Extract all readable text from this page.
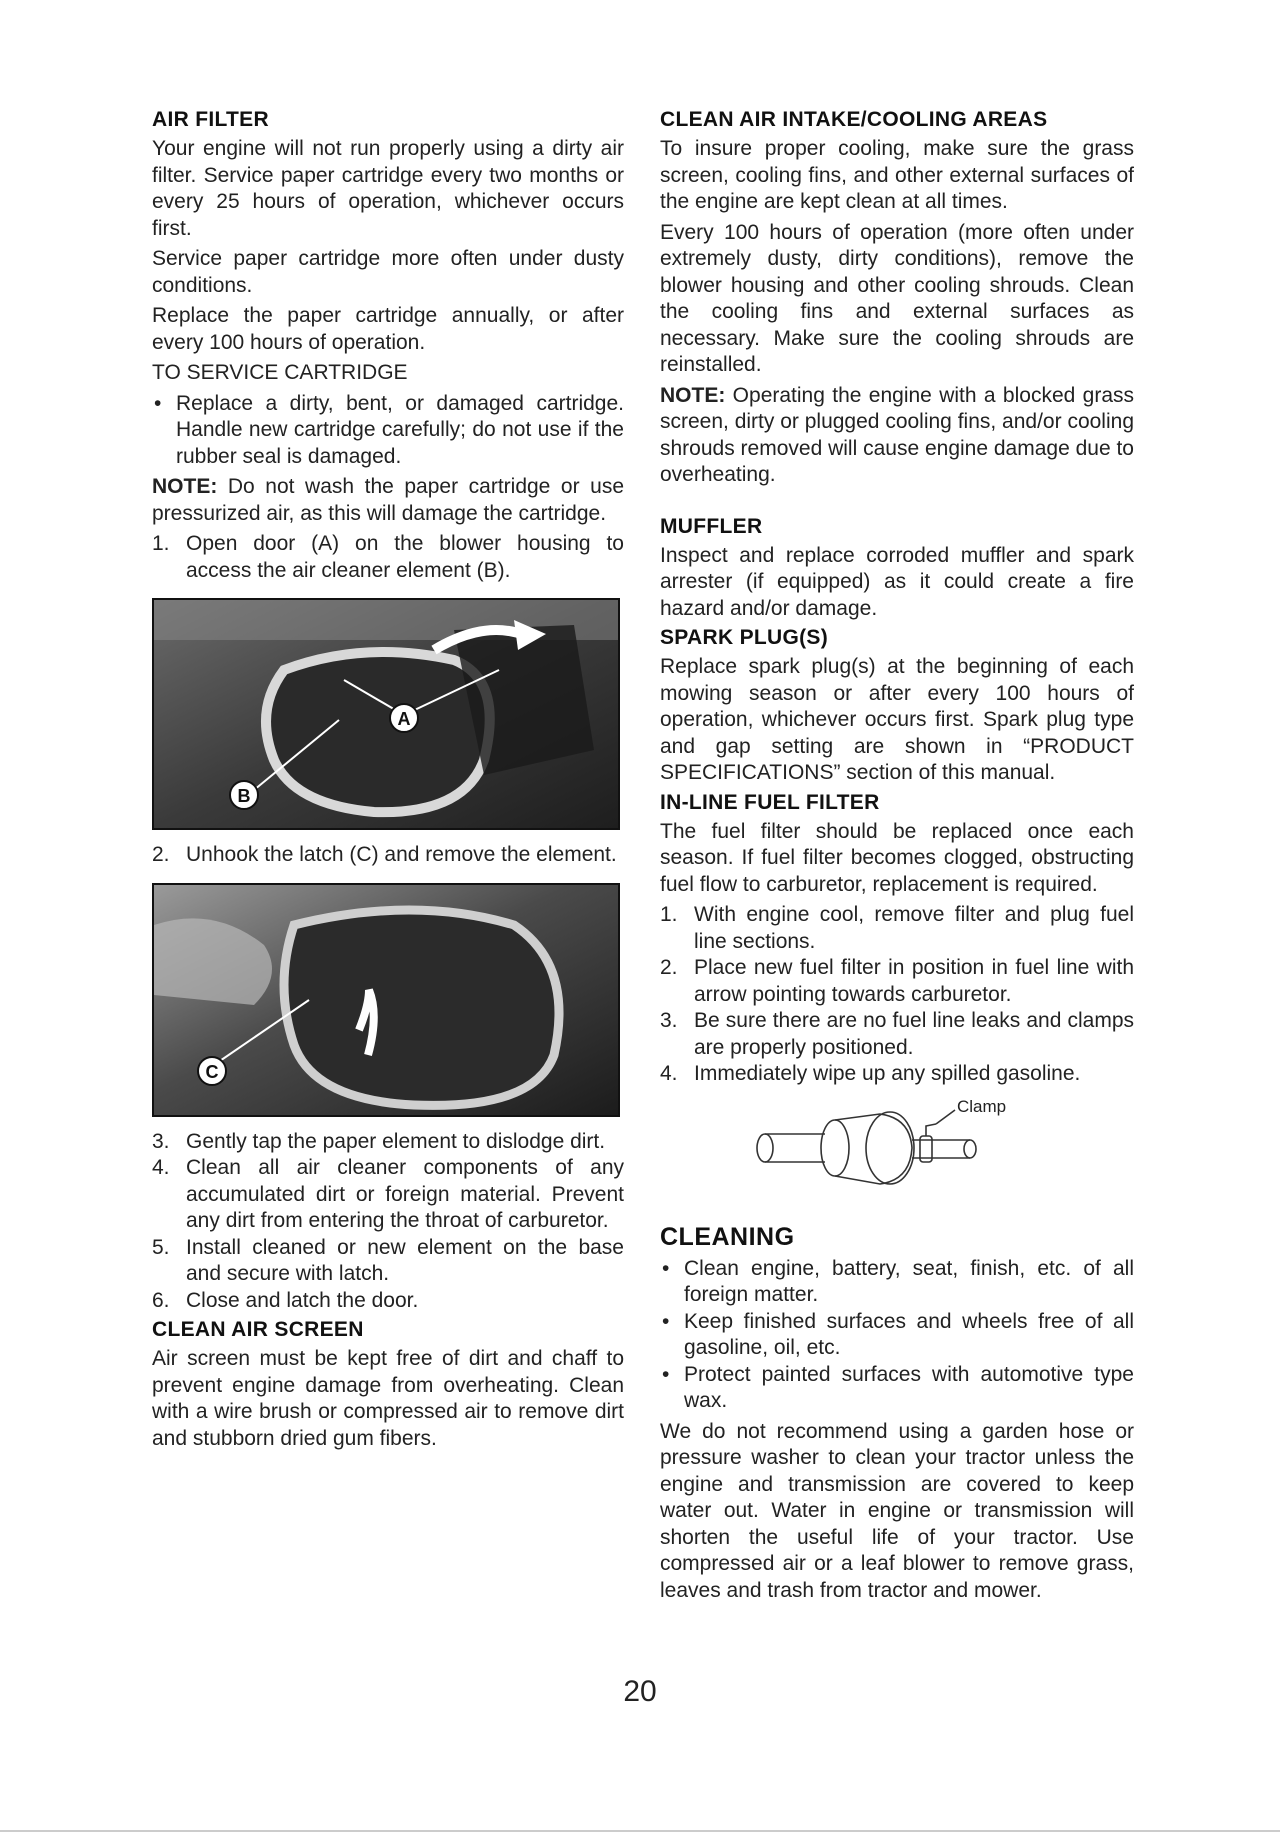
AIR FILTER

Your engine will not run properly using a dirty air filter. Service paper cartridge every two months or every 25 hours of operation, whichever occurs first.

Service paper cartridge more often under dusty conditions.

Replace the paper cartridge annually, or after every 100 hours of operation.

TO SERVICE CARTRIDGE
• Replace a dirty, bent, or damaged cartridge. Handle new cartridge carefully; do not use if the rubber seal is damaged.

NOTE: Do not wash the paper cartridge or use pressurized air, as this will damage the cartridge.

1. Open door (A) on the blower housing to access the air cleaner element (B).
A
B
2. Unhook the latch (C) and remove the element.
C
3. Gently tap the paper element to dislodge dirt.
4. Clean all air cleaner components of any accumulated dirt or foreign material. Prevent any dirt from entering the throat of carburetor.
5. Install cleaned or new element on the base and secure with latch.
6. Close and latch the door.
CLEAN AIR SCREEN

Air screen must be kept free of dirt and chaff to prevent engine damage from overheating. Clean with a wire brush or compressed air to remove dirt and stubborn dried gum fibers.

CLEAN AIR INTAKE/COOLING AREAS

To insure proper cooling, make sure the grass screen, cooling fins, and other external surfaces of the engine are kept clean at all times.

Every 100 hours of operation (more often under extremely dusty, dirty conditions), remove the blower housing and other cooling shrouds. Clean the cooling fins and external surfaces as necessary. Make sure the cooling shrouds are reinstalled.

NOTE: Operating the engine with a blocked grass screen, dirty or plugged cooling fins, and/or cooling shrouds removed will cause engine damage due to overheating.

MUFFLER

Inspect and replace corroded muffler and spark arrester (if equipped) as it could create a fire hazard and/or damage.

SPARK PLUG(S)

Replace spark plug(s) at the beginning of each mowing season or after every 100 hours of operation, whichever occurs first. Spark plug type and gap setting are shown in “PRODUCT SPECIFICATIONS” section of this manual.

IN-LINE FUEL FILTER

The fuel filter should be replaced once each season. If fuel filter becomes clogged, obstructing fuel flow to carburetor, replacement is required.

1. With engine cool, remove filter and plug fuel line sections.
2. Place new fuel filter in position in fuel line with arrow pointing towards carburetor.
3. Be sure there are no fuel line leaks and clamps are properly positioned.
4. Immediately wipe up any spilled gasoline.
Clamp
CLEANING
• Clean engine, battery, seat, finish, etc. of all foreign matter.
• Keep finished surfaces and wheels free of all gasoline, oil, etc.
• Protect painted surfaces with automotive type wax.

We do not recommend using a garden hose or pressure washer to clean your tractor unless the engine and transmission are covered to keep water out. Water in engine or transmission will shorten the useful life of your tractor. Use compressed air or a leaf blower to remove grass, leaves and trash from tractor and mower.

20
